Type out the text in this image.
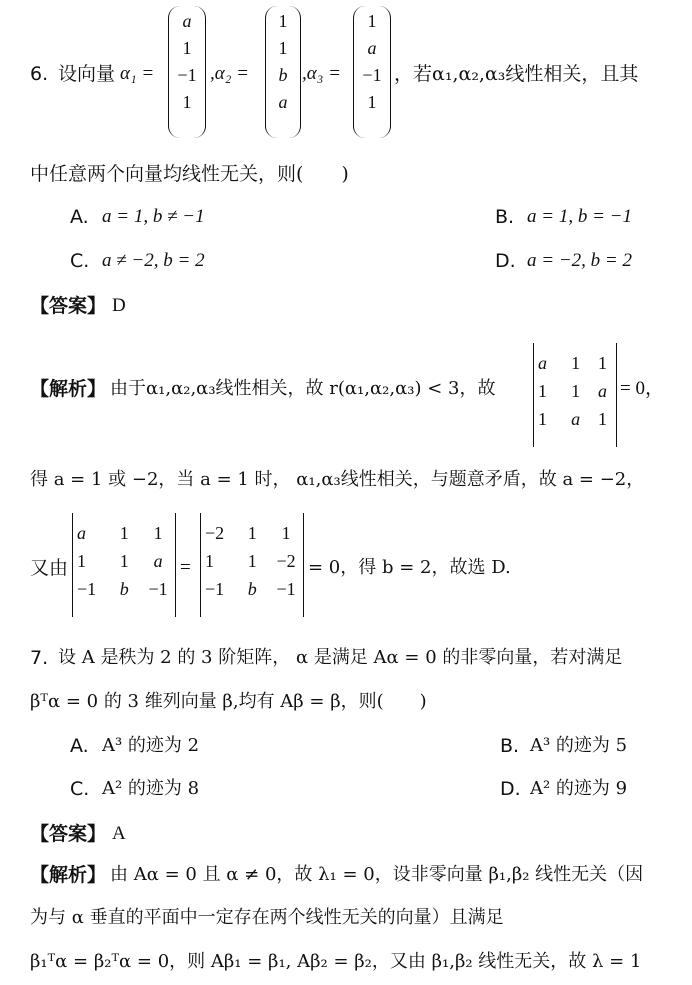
6. 设向量 α₁ =
a
1
−1
1
,α₂ =
1
1
b
a
,α₃ =
1
a
−1
1
，若α₁,α₂,α₃线性相关，且其
中任意两个向量均线性无关，则(　　)
A. a = 1, b ≠ −1	B. a = 1, b = −1
C. a ≠ −2, b = 2	D. a = −2, b = 2
【答案】 D
【解析】 由于α₁,α₂,α₃线性相关，故 r(α₁,α₂,α₃) < 3，故
a	1 1
1	1 a
1	a 1
= 0，
得 a = 1 或 −2，当 a = 1 时， α₁,α₃线性相关，与题意矛盾，故 a = −2，
又由
a	1	1
1	1	a
−1	b	−1
=
−2	1	1
1	1	−2
−1	b	−1
= 0，得 b = 2，故选 D.
7. 设 A 是秩为 2 的 3 阶矩阵， α 是满足 Aα = 0 的非零向量，若对满足
βᵀα = 0 的 3 维列向量 β,均有 Aβ = β，则(　　)
A. A³ 的迹为 2	B. A³ 的迹为 5
C. A² 的迹为 8	D. A² 的迹为 9
【答案】 A
【解析】 由 Aα = 0 且 α ≠ 0，故 λ₁ = 0，设非零向量 β₁,β₂ 线性无关（因
为与 α 垂直的平面中一定存在两个线性无关的向量）且满足
β₁ᵀα = β₂ᵀα = 0，则 Aβ₁ = β₁, Aβ₂ = β₂，又由 β₁,β₂ 线性无关，故 λ = 1
